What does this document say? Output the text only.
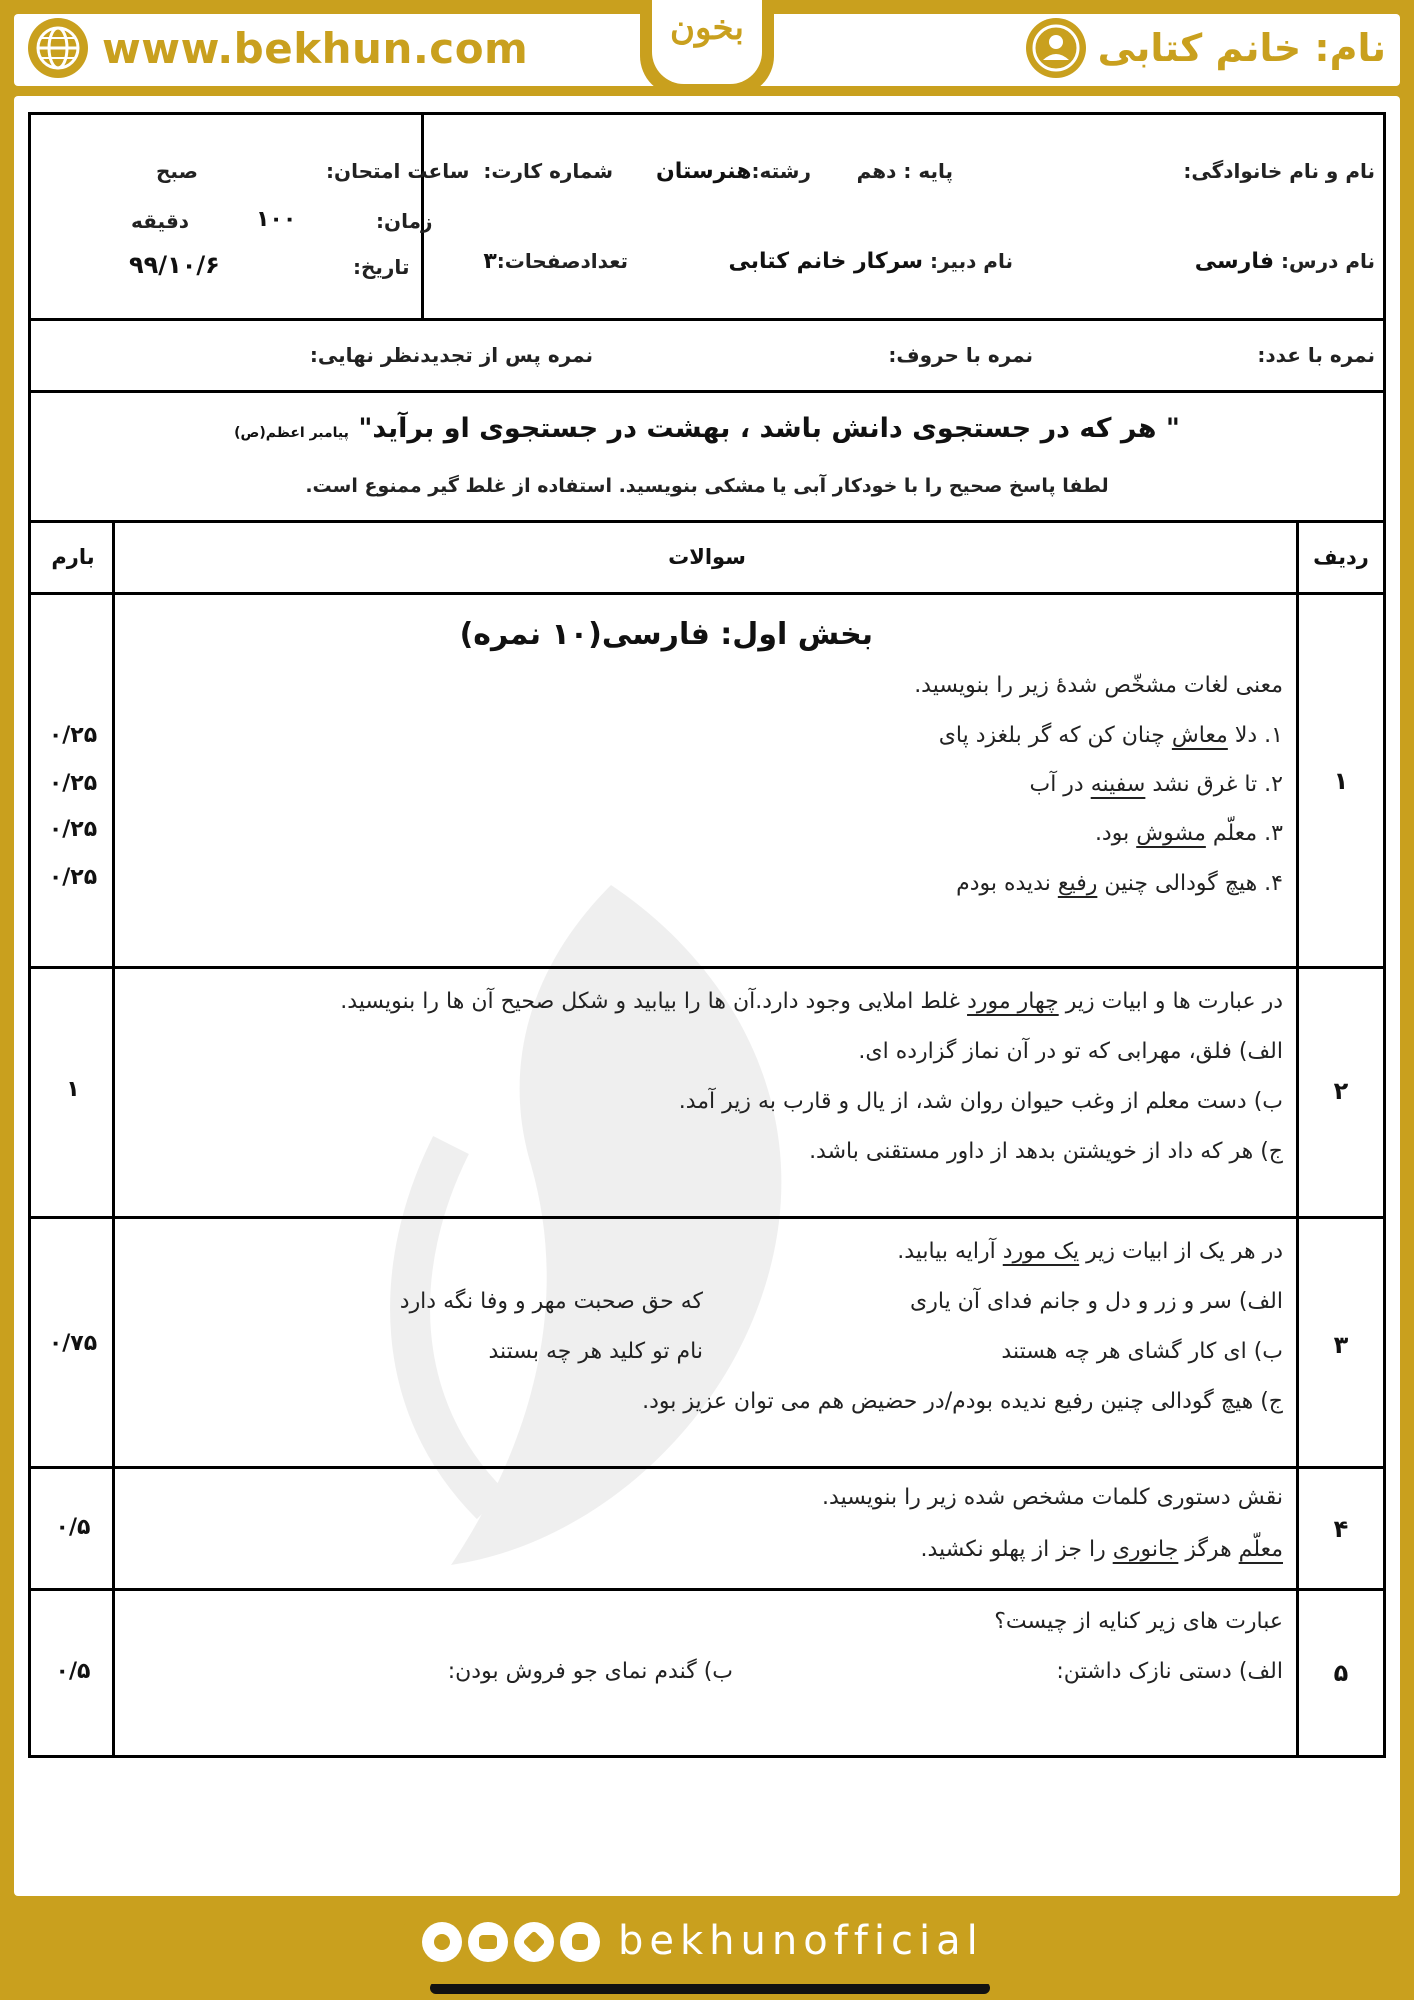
www.bekhun.com	بخون	نام: خانم کتابی
نام و نام خانوادگی:
پایه : دهم
رشته:هنرستان
شماره کارت:
نام درس: فارسی
نام دبیر: سرکار خانم کتابی
تعدادصفحات:۳
ساعت امتحان:
صبح
زمان:
۱۰۰
دقیقه
تاریخ:
۹۹/۱۰/۶
نمره با عدد:
نمره با حروف:
نمره پس از تجدیدنظر نهایی:
" هر که در جستجوی دانش باشد ، بهشت در جستجوی او برآید" پیامبر اعظم(ص)
لطفا پاسخ صحیح را با خودکار آبی یا مشکی بنویسید. استفاده از غلط گیر ممنوع است.
ردیف
سوالات
بارم
۱
بخش اول: فارسی(۱۰ نمره)
معنی لغات مشخّص شدۀ زیر را بنویسید.
۱. دلا معاش چنان کن که گر بلغزد پای
۲. تا غرق نشد سفینه در آب
۳. معلّم مشوش بود.
۴. هیچ گودالی چنین رفیع ندیده بودم
۰/۲۵
۰/۲۵
۰/۲۵
۰/۲۵
۲
در عبارت ها و ابیات زیر چهار مورد غلط املایی وجود دارد.آن ها را بیابید و شکل صحیح آن ها را بنویسید.
الف) فلق، مهرابی که تو در آن نماز گزارده ای.
ب) دست معلم از وغب حیوان روان شد، از یال و قارب به زیر آمد.
ج) هر که داد از خویشتن بدهد از داور مستقنی باشد.
۱
۳
در هر یک از ابیات زیر یک مورد آرایه بیابید.
الف) سر و زر و دل و جانم فدای آن یاری
که حق صحبت مهر و وفا نگه دارد
ب) ای کار گشای هر چه هستند
نام تو کلید هر چه بستند
ج) هیچ گودالی چنین رفیع ندیده بودم/در حضیض هم می توان عزیز بود.
۰/۷۵
۴
نقش دستوری کلمات مشخص شده زیر را بنویسید.
معلّم هرگز جانوری را جز از پهلو نکشید.
۰/۵
۵
عبارت های زیر کنایه از چیست؟
الف) دستی نازک داشتن:
ب) گندم نمای جو فروش بودن:
۰/۵
bekhunofficial
